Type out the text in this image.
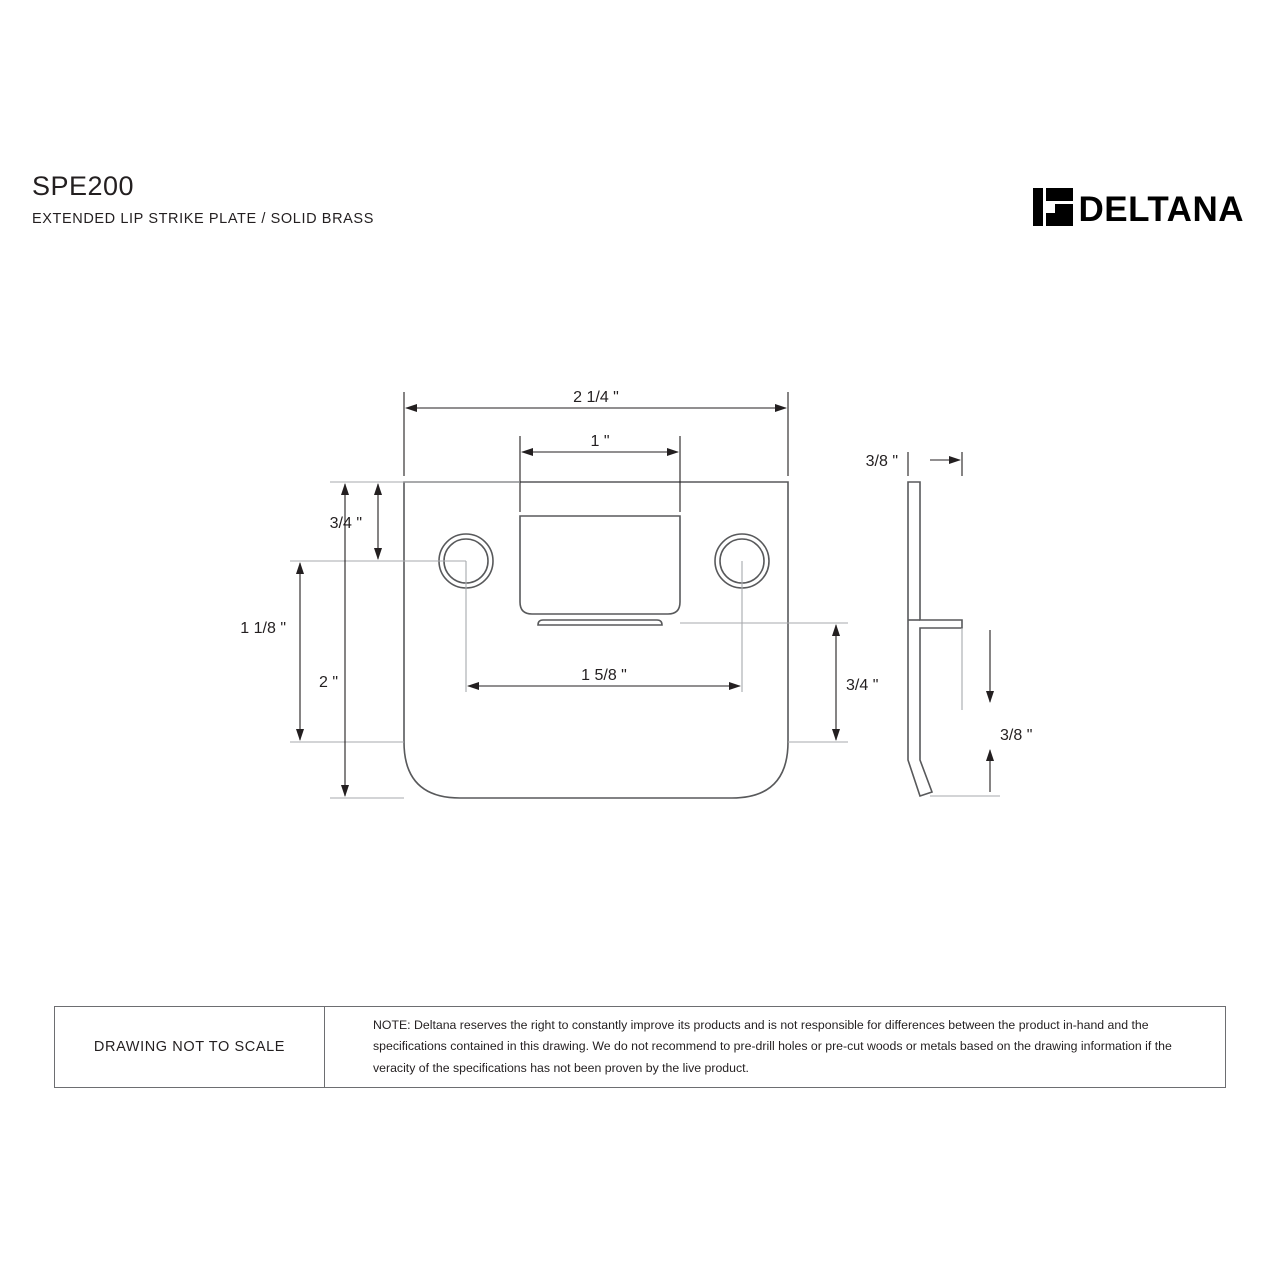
SPE200
EXTENDED LIP STRIKE PLATE / SOLID BRASS	DELTANA
2 1/4 "
1 "
3/4 "
1 1/8 "
2 "	1 5/8 "
3/4 "
3/8 "
3/8 "
DRAWING NOT TO SCALE

NOTE: Deltana reserves the right to constantly improve its products and is not responsible for differences between the product in-hand and the specifications contained in this drawing. We do not recommend to pre-drill holes or pre-cut woods or metals based on the drawing information if the veracity of the specifications has not been proven by the live product.
